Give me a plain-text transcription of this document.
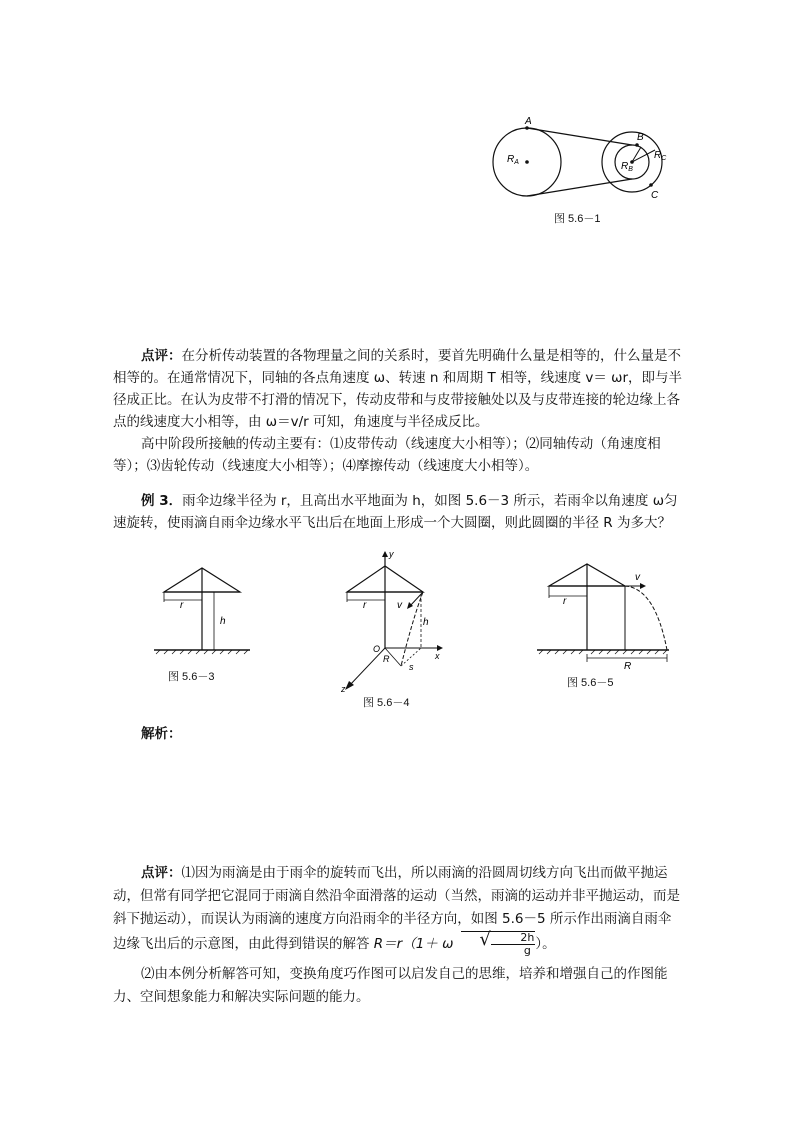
A
B
C
$R_A$	$R_B$
$R_C$
图 5.6－1

点评：在分析传动装置的各物理量之间的关系时，要首先明确什么量是相等的，什么量是不相等的。在通常情况下，同轴的各点角速度 ω、转速 n 和周期 T 相等，线速度 v＝ ωr，即与半径成正比。在认为皮带不打滑的情况下，传动皮带和与皮带接触处以及与皮带连接的轮边缘上各点的线速度大小相等，由 ω＝v/r 可知，角速度与半径成反比。

高中阶段所接触的传动主要有：⑴皮带传动（线速度大小相等）；⑵同轴传动（角速度相等）；⑶齿轮传动（线速度大小相等）；⑷摩擦传动（线速度大小相等）。

例 3．雨伞边缘半径为 r，且高出水平地面为 h，如图 5.6－3 所示，若雨伞以角速度 ω匀速旋转，使雨滴自雨伞边缘水平飞出后在地面上形成一个大圆圈，则此圆圈的半径 R 为多大？

r
h
图 5.6－3
y
x
z
O
r	v
h
R
s
图 5.6－4
r
v
R
图 5.6－5
解析：

点评：⑴因为雨滴是由于雨伞的旋转而飞出，所以雨滴的沿圆周切线方向飞出而做平抛运动，但常有同学把它混同于雨滴自然沿伞面滑落的运动（当然，雨滴的运动并非平抛运动，而是斜下抛运动），而误认为雨滴的速度方向沿雨伞的半径方向，如图 5.6－5 所示作出雨滴自雨伞边缘飞出后的示意图，由此得到错误的解答 R＝r（1＋ ω
√	$\frac{2h}{g}$ ）。

⑵由本例分析解答可知，变换角度巧作图可以启发自己的思维，培养和增强自己的作图能力、空间想象能力和解决实际问题的能力。
